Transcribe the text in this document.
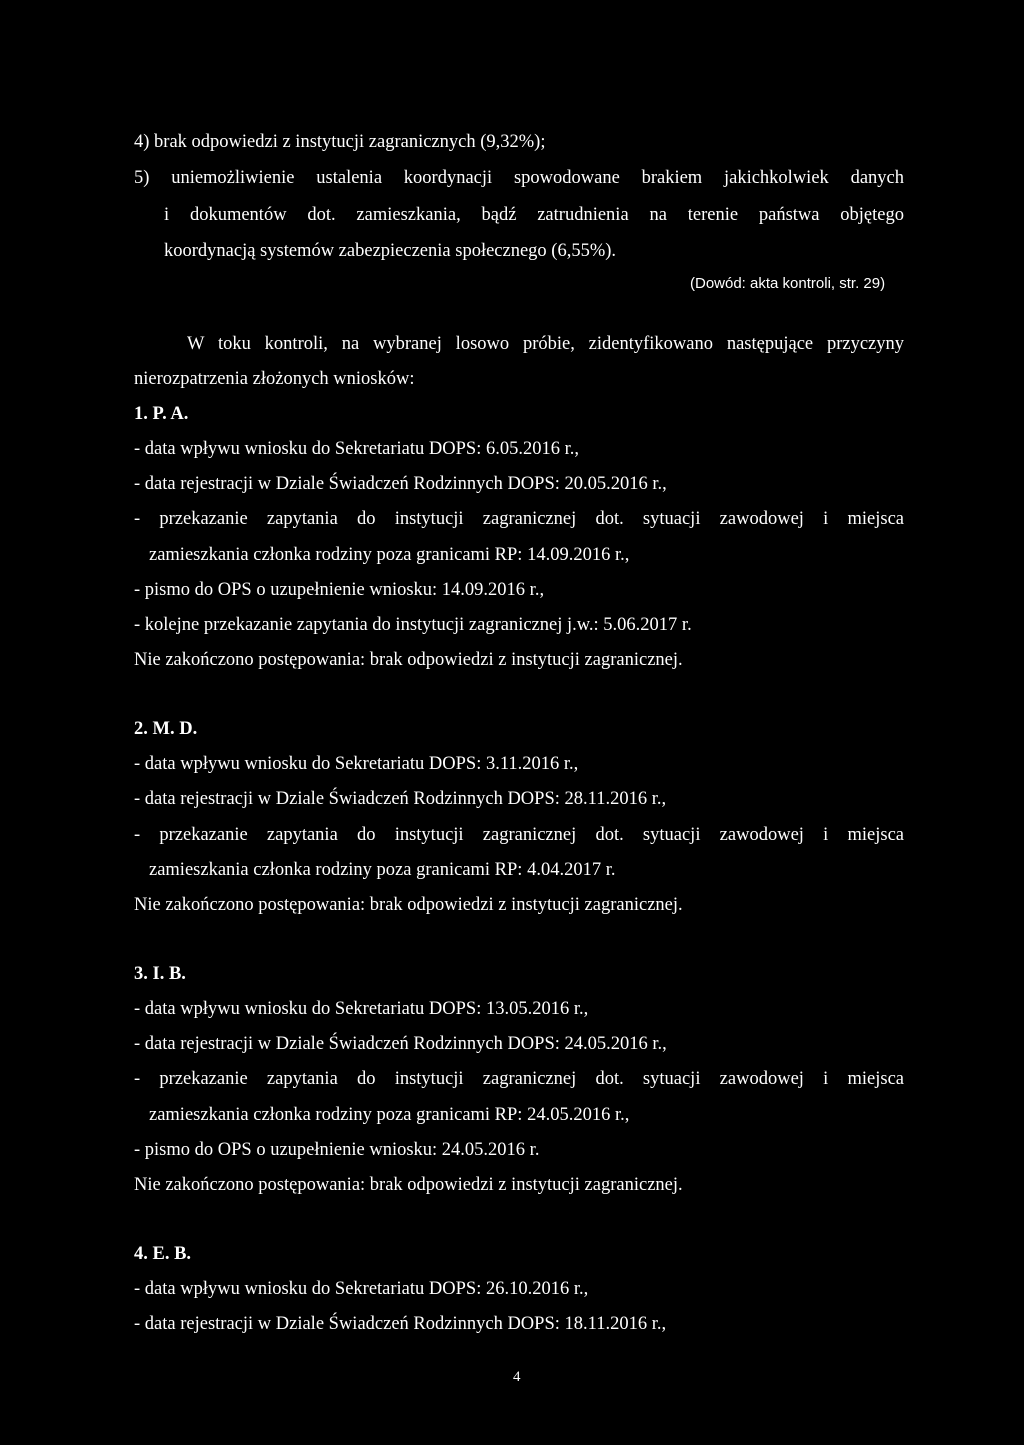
4) brak odpowiedzi z instytucji zagranicznych (9,32%);
5) uniemożliwienie ustalenia koordynacji spowodowane brakiem jakichkolwiek danych
i dokumentów dot. zamieszkania, bądź zatrudnienia na terenie państwa objętego
koordynacją systemów zabezpieczenia społecznego (6,55%).
(Dowód: akta kontroli, str. 29)
W toku kontroli, na wybranej losowo próbie, zidentyfikowano następujące przyczyny
nierozpatrzenia złożonych wniosków:
1. P. A.
- data wpływu wniosku do Sekretariatu DOPS: 6.05.2016 r.,
- data rejestracji w Dziale Świadczeń Rodzinnych DOPS: 20.05.2016 r.,
- przekazanie zapytania do instytucji zagranicznej dot. sytuacji zawodowej i miejsca
zamieszkania członka rodziny poza granicami RP: 14.09.2016 r.,
- pismo do OPS o uzupełnienie wniosku: 14.09.2016 r.,
- kolejne przekazanie zapytania do instytucji zagranicznej j.w.: 5.06.2017 r.
Nie zakończono postępowania: brak odpowiedzi z instytucji zagranicznej.
2. M. D.
- data wpływu wniosku do Sekretariatu DOPS: 3.11.2016 r.,
- data rejestracji w Dziale Świadczeń Rodzinnych DOPS: 28.11.2016 r.,
- przekazanie zapytania do instytucji zagranicznej dot. sytuacji zawodowej i miejsca
zamieszkania członka rodziny poza granicami RP: 4.04.2017 r.
Nie zakończono postępowania: brak odpowiedzi z instytucji zagranicznej.
3. I. B.
- data wpływu wniosku do Sekretariatu DOPS: 13.05.2016 r.,
- data rejestracji w Dziale Świadczeń Rodzinnych DOPS: 24.05.2016 r.,
- przekazanie zapytania do instytucji zagranicznej dot. sytuacji zawodowej i miejsca
zamieszkania członka rodziny poza granicami RP: 24.05.2016 r.,
- pismo do OPS o uzupełnienie wniosku: 24.05.2016 r.
Nie zakończono postępowania: brak odpowiedzi z instytucji zagranicznej.
4. E. B.
- data wpływu wniosku do Sekretariatu DOPS: 26.10.2016 r.,
- data rejestracji w Dziale Świadczeń Rodzinnych DOPS: 18.11.2016 r.,
4
